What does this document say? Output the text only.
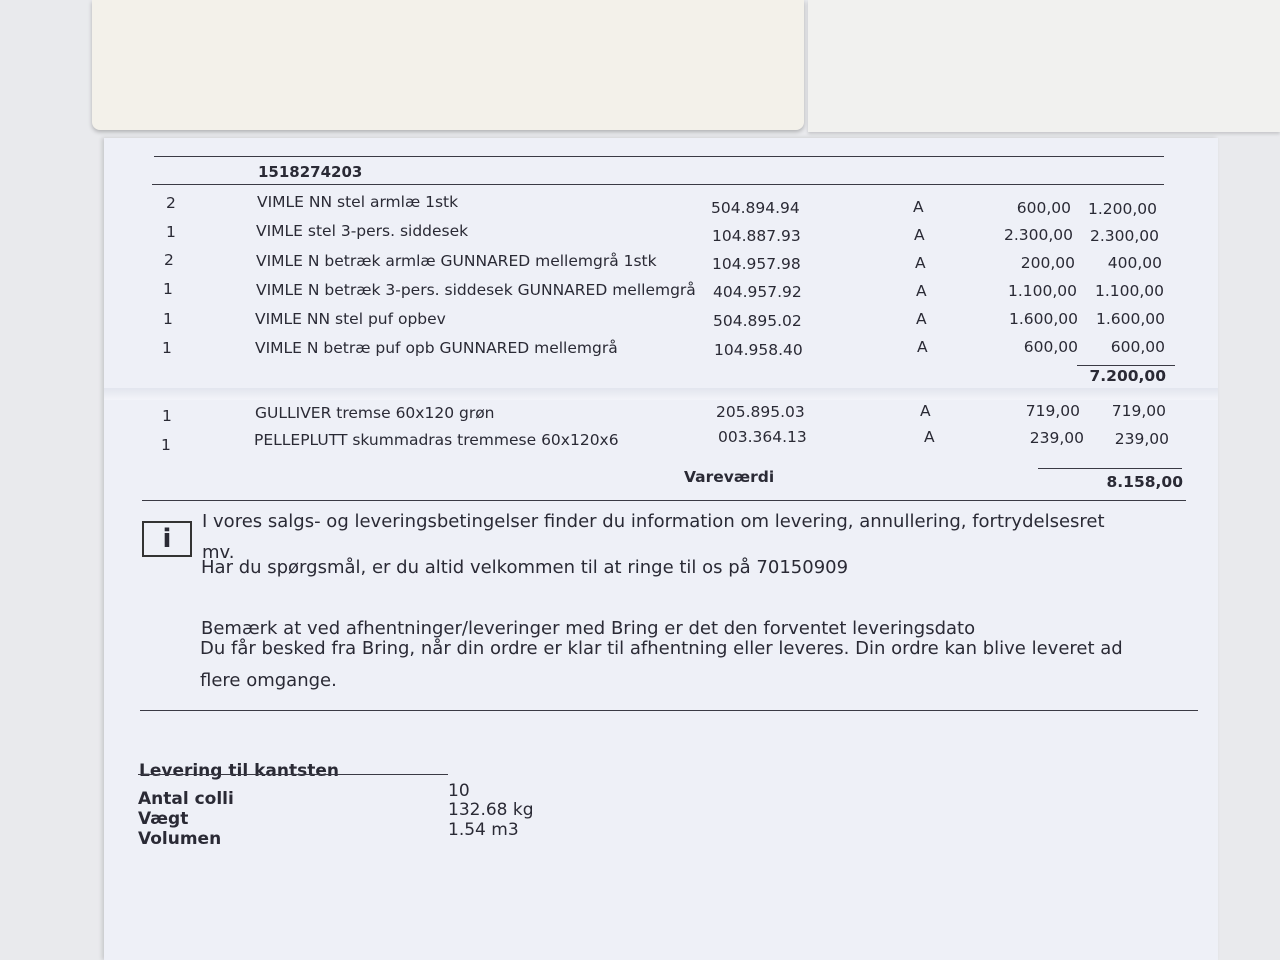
1518274203
2	VIMLE NN stel armlæ 1stk	504.894.94	A	600,00	1.200,00
1	VIMLE stel 3-pers. siddesek	104.887.93	A	2.300,00	2.300,00
2	VIMLE N betræk armlæ GUNNARED mellemgrå 1stk	104.957.98	A	200,00	400,00
1	VIMLE N betræk 3-pers. siddesek GUNNARED mellemgrå 404.957.92	A	1.100,00	1.100,00
1	VIMLE NN stel puf opbev	504.895.02	A	1.600,00	1.600,00
1	VIMLE N betræ puf opb GUNNARED mellemgrå	104.958.40	A	600,00	600,00
7.200,00
1	GULLIVER tremse 60x120 grøn	205.895.03	A	719,00	719,00
1	PELLEPLUTT skummadras tremmese 60x120x6	003.364.13	A	239,00	239,00
Vareværdi	8.158,00
i
I vores salgs- og leveringsbetingelser finder du information om levering, annullering, fortrydelsesret
mv.
Har du spørgsmål, er du altid velkommen til at ringe til os på 70150909
Bemærk at ved afhentninger/leveringer med Bring er det den forventet leveringsdato
Du får besked fra Bring, når din ordre er klar til afhentning eller leveres. Din ordre kan blive leveret ad
flere omgange.
Levering til kantsten
Antal colli	10
Vægt	132.68 kg
Volumen	1.54 m3
